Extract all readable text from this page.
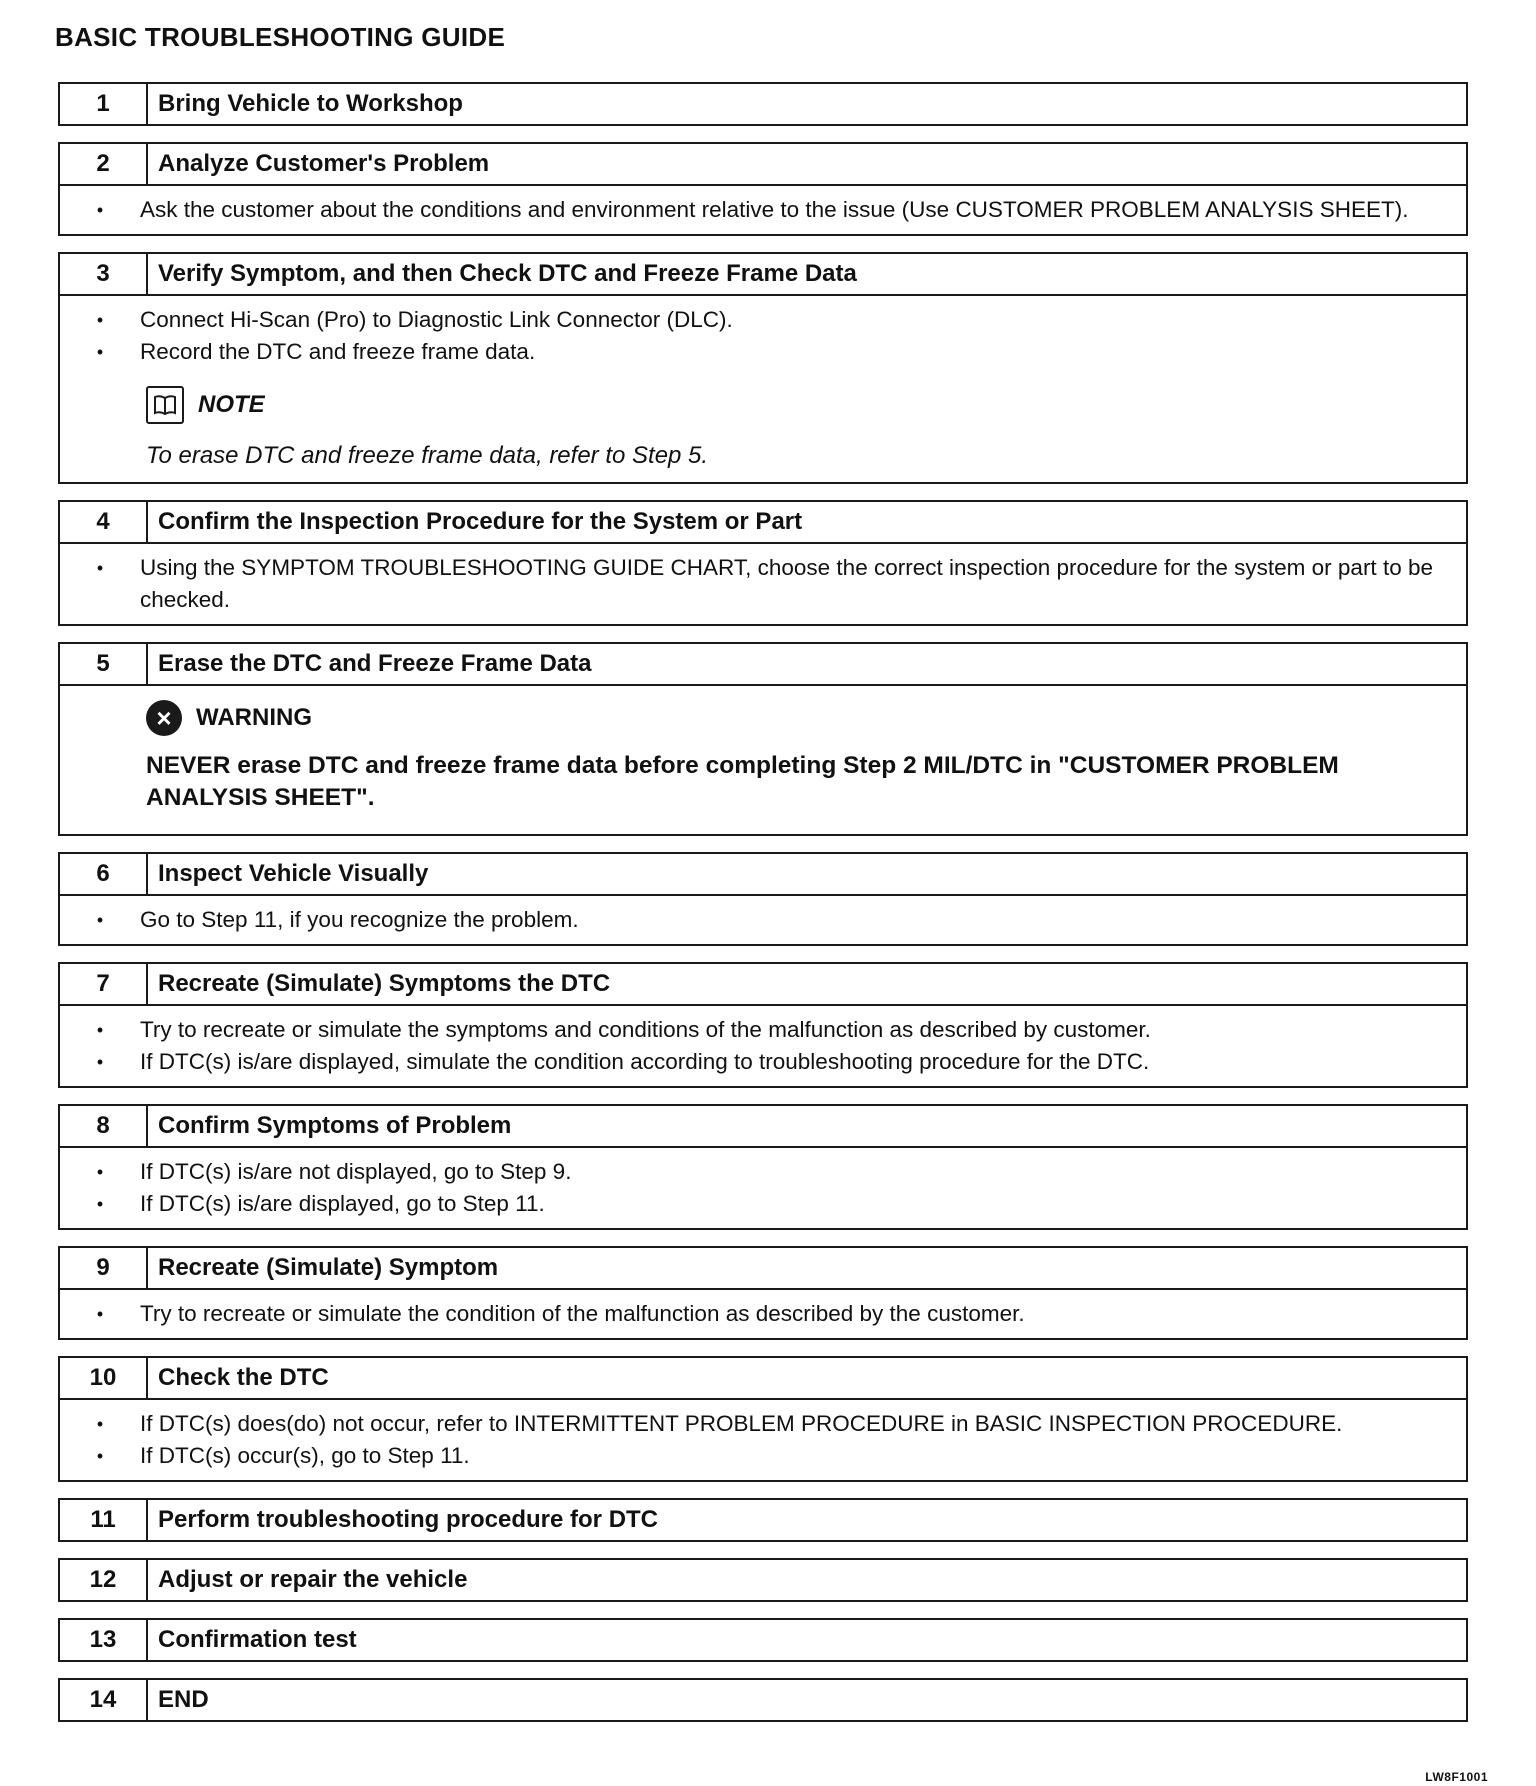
BASIC TROUBLESHOOTING GUIDE
1	Bring Vehicle to Workshop
2	Analyze Customer's Problem
•	Ask the customer about the conditions and environment relative to the issue (Use CUSTOMER PROBLEM ANALYSIS SHEET).
3	Verify Symptom, and then Check DTC and Freeze Frame Data
•	Connect Hi-Scan (Pro) to Diagnostic Link Connector (DLC).
•	Record the DTC and freeze frame data.
NOTE
To erase DTC and freeze frame data, refer to Step 5.
4	Confirm the Inspection Procedure for the System or Part
•	Using the SYMPTOM TROUBLESHOOTING GUIDE CHART, choose the correct inspection procedure for the system or part to be checked.
5	Erase the DTC and Freeze Frame Data
×	WARNING
NEVER erase DTC and freeze frame data before completing Step 2 MIL/DTC in "CUSTOMER PROBLEM ANALYSIS SHEET".
6	Inspect Vehicle Visually
•	Go to Step 11, if you recognize the problem.
7	Recreate (Simulate) Symptoms the DTC
•	Try to recreate or simulate the symptoms and conditions of the malfunction as described by customer.
•	If DTC(s) is/are displayed, simulate the condition according to troubleshooting procedure for the DTC.
8	Confirm Symptoms of Problem
•	If DTC(s) is/are not displayed, go to Step 9.
•	If DTC(s) is/are displayed, go to Step 11.
9	Recreate (Simulate) Symptom
•	Try to recreate or simulate the condition of the malfunction as described by the customer.
10	Check the DTC
•	If DTC(s) does(do) not occur, refer to INTERMITTENT PROBLEM PROCEDURE in BASIC INSPECTION PROCEDURE.
•	If DTC(s) occur(s), go to Step 11.
11	Perform troubleshooting procedure for DTC
12	Adjust or repair the vehicle
13	Confirmation test
14	END
LW8F1001
